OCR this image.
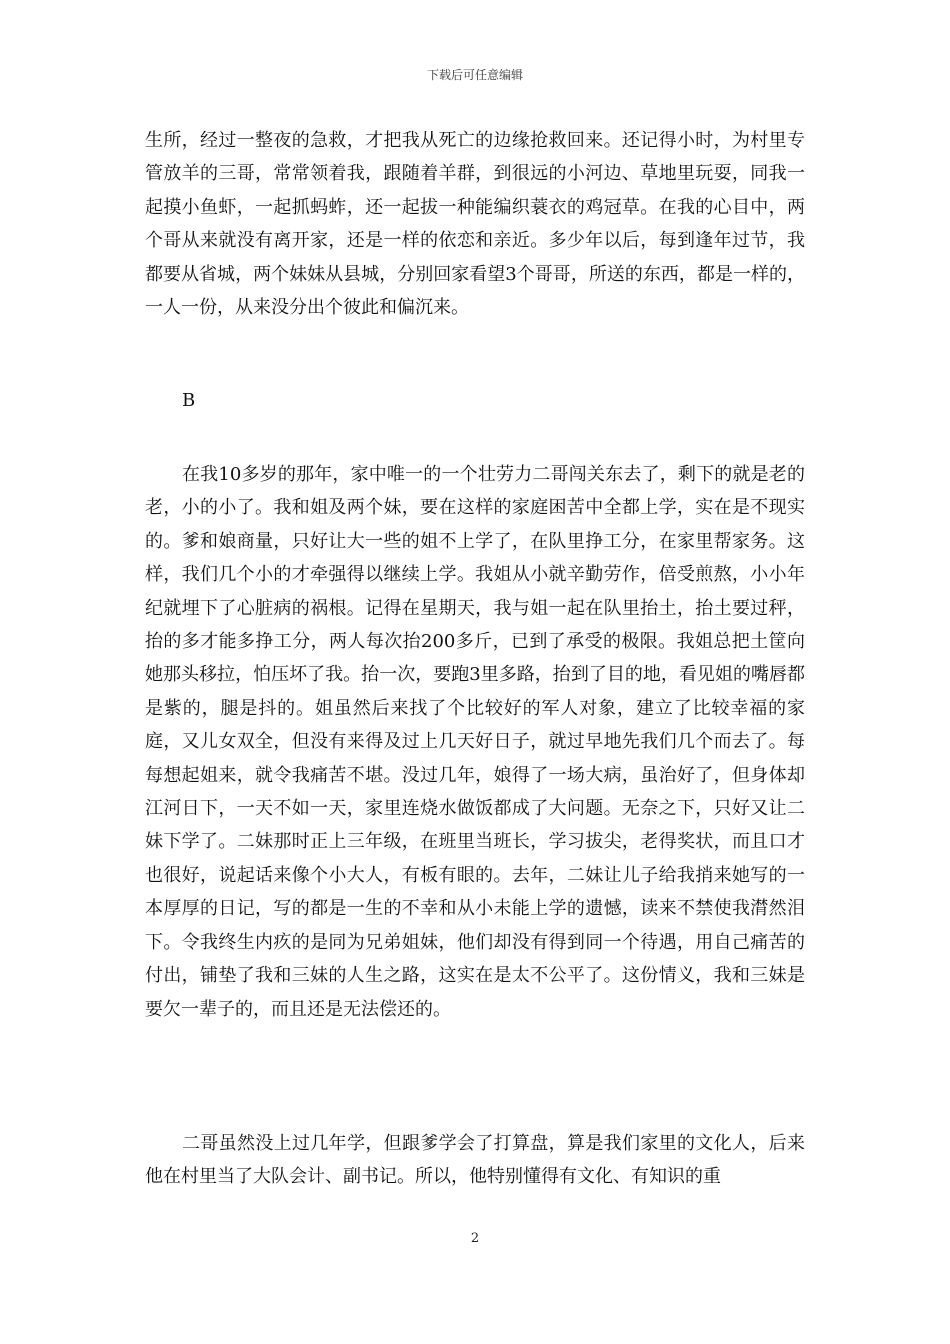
下载后可任意编辑

生所，经过一整夜的急救，才把我从死亡的边缘抢救回来。还记得小时，为村里专管放羊的三哥，常常领着我，跟随着羊群，到很远的小河边、草地里玩耍，同我一起摸小鱼虾，一起抓蚂蚱，还一起拔一种能编织蓑衣的鸡冠草。在我的心目中，两个哥从来就没有离开家，还是一样的依恋和亲近。多少年以后，每到逢年过节，我都要从省城，两个妹妹从县城，分别回家看望3个哥哥，所送的东西，都是一样的，一人一份，从来没分出个彼此和偏沉来。

B

在我10多岁的那年，家中唯一的一个壮劳力二哥闯关东去了，剩下的就是老的老，小的小了。我和姐及两个妹，要在这样的家庭困苦中全都上学，实在是不现实的。爹和娘商量，只好让大一些的姐不上学了，在队里挣工分，在家里帮家务。这样，我们几个小的才牵强得以继续上学。我姐从小就辛勤劳作，倍受煎熬，小小年纪就埋下了心脏病的祸根。记得在星期天，我与姐一起在队里抬土，抬土要过秤，抬的多才能多挣工分，两人每次抬200多斤，已到了承受的极限。我姐总把土筐向她那头移拉，怕压坏了我。抬一次，要跑3里多路，抬到了目的地，看见姐的嘴唇都是紫的，腿是抖的。姐虽然后来找了个比较好的军人对象，建立了比较幸福的家庭，又儿女双全，但没有来得及过上几天好日子，就过早地先我们几个而去了。每每想起姐来，就令我痛苦不堪。没过几年，娘得了一场大病，虽治好了，但身体却江河日下，一天不如一天，家里连烧水做饭都成了大问题。无奈之下，只好又让二妹下学了。二妹那时正上三年级，在班里当班长，学习拔尖，老得奖状，而且口才也很好，说起话来像个小大人，有板有眼的。去年，二妹让儿子给我捎来她写的一本厚厚的日记，写的都是一生的不幸和从小未能上学的遗憾，读来不禁使我潸然泪下。令我终生内疚的是同为兄弟姐妹，他们却没有得到同一个待遇，用自己痛苦的付出，铺垫了我和三妹的人生之路，这实在是太不公平了。这份情义，我和三妹是要欠一辈子的，而且还是无法偿还的。

二哥虽然没上过几年学，但跟爹学会了打算盘，算是我们家里的文化人，后来他在村里当了大队会计、副书记。所以，他特别懂得有文化、有知识的重

2
